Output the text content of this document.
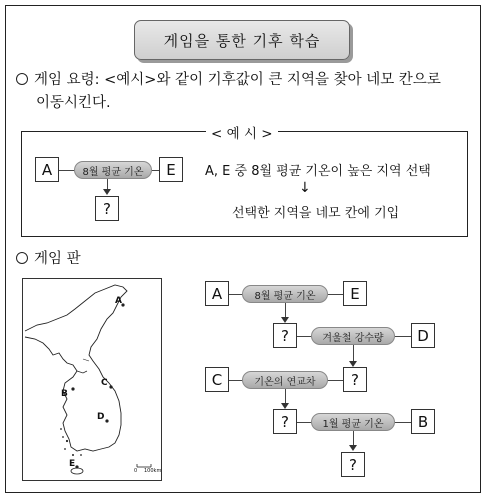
게임을 통한 기후 학습
게임 요령: <예시>와 같이 기후값이 큰 지역을 찾아 네모 칸으로
이동시킨다.
< 예 시 >
A	8월 평균 기온	E
?
A, E 중 8월 평균 기온이 높은 지역 선택
↓
선택한 지역을 네모 칸에 기입
게임 판
A
B
C
D
E
0 100km
A	8월 평균 기온	E
?	겨울철 강수량	D
C	기온의 연교차	?
?	1월 평균 기온	B
?
